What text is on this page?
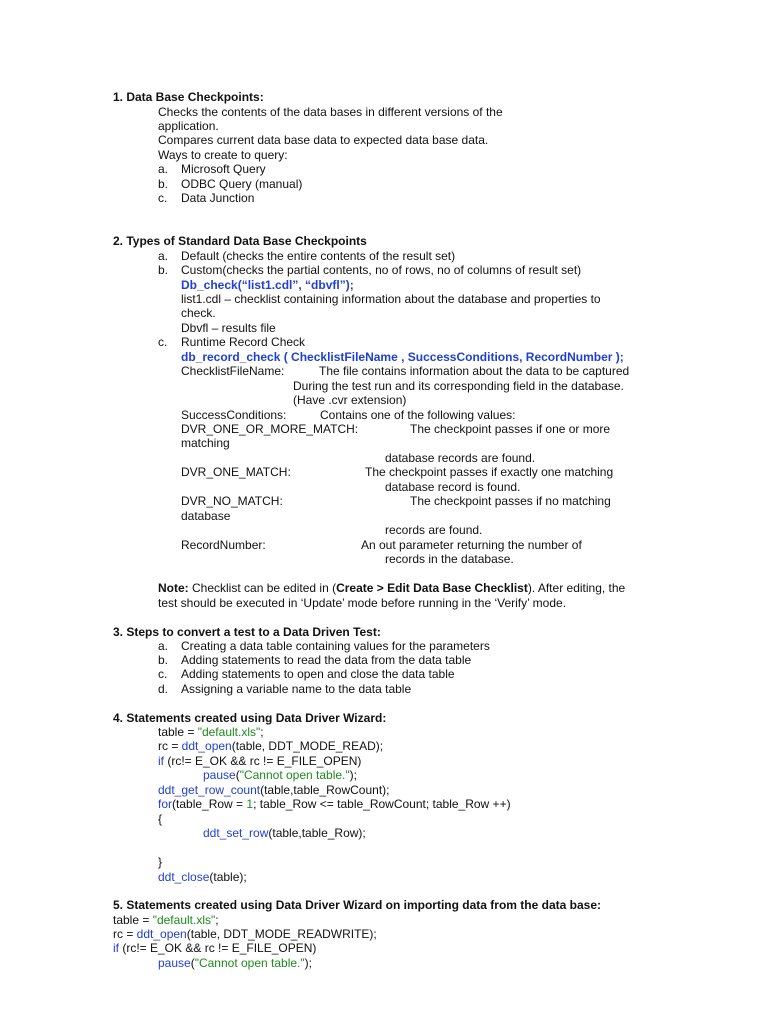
1. Data Base Checkpoints:
Checks the contents of the data bases in different versions of the
application.
Compares current data base data to expected data base data.
Ways to create to query:
a. Microsoft Query
b. ODBC Query (manual)
c. Data Junction
2. Types of Standard Data Base Checkpoints
a. Default (checks the entire contents of the result set)
b. Custom(checks the partial contents, no of rows, no of columns of result set)
Db_check(“list1.cdl”, “dbvfl”);
list1.cdl – checklist containing information about the database and properties to
check.
Dbvfl – results file
c. Runtime Record Check
db_record_check ( ChecklistFileName , SuccessConditions, RecordNumber );
ChecklistFileName:	The file contains information about the data to be captured
During the test run and its corresponding field in the database.
(Have .cvr extension)
SuccessConditions:	Contains one of the following values:
DVR_ONE_OR_MORE_MATCH:	The checkpoint passes if one or more
matching
database records are found.
DVR_ONE_MATCH:	The checkpoint passes if exactly one matching
database record is found.
DVR_NO_MATCH:	The checkpoint passes if no matching
database
records are found.
RecordNumber:	An out parameter returning the number of
records in the database.
Note: Checklist can be edited in (Create > Edit Data Base Checklist). After editing, the
test should be executed in ‘Update’ mode before running in the ‘Verify’ mode.
3. Steps to convert a test to a Data Driven Test:
a. Creating a data table containing values for the parameters
b. Adding statements to read the data from the data table
c. Adding statements to open and close the data table
d. Assigning a variable name to the data table
4. Statements created using Data Driver Wizard:
table = "default.xls";
rc = ddt_open(table, DDT_MODE_READ);
if (rc!= E_OK && rc != E_FILE_OPEN)
pause("Cannot open table.");
ddt_get_row_count(table,table_RowCount);
for(table_Row = 1; table_Row <= table_RowCount; table_Row ++)
{
ddt_set_row(table,table_Row);
}
ddt_close(table);
5. Statements created using Data Driver Wizard on importing data from the data base:
table = "default.xls";
rc = ddt_open(table, DDT_MODE_READWRITE);
if (rc!= E_OK && rc != E_FILE_OPEN)
pause("Cannot open table.");
